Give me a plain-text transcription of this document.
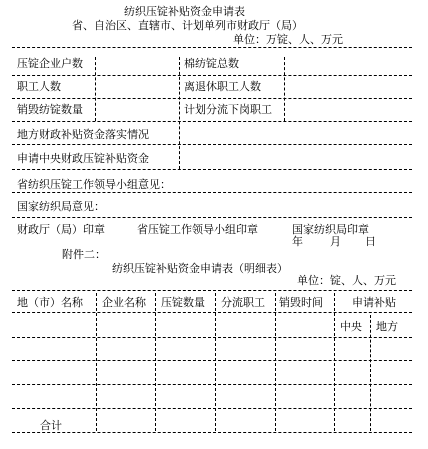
纺织压锭补贴资金申请表
省、自治区、直辖市、计划单列市财政厅（局）
单位：万锭、人、万元
压锭企业户数	棉纺锭总数
职工人数	离退休职工人数
销毁纺锭数量	计划分流下岗职工
地方财政补贴资金落实情况
申请中央财政压锭补贴资金
省纺织压锭工作领导小组意见：
国家纺织局意见：
财政厅（局）印章	省压锭工作领导小组印章	国家纺织局印章
年 月 日
附件二：
纺织压锭补贴资金申请表（明细表）
单位：锭、人、万元
地（市）名称 企业名称 压锭数量 分流职工 销毁时间	申请补贴
中央 地方
合计
